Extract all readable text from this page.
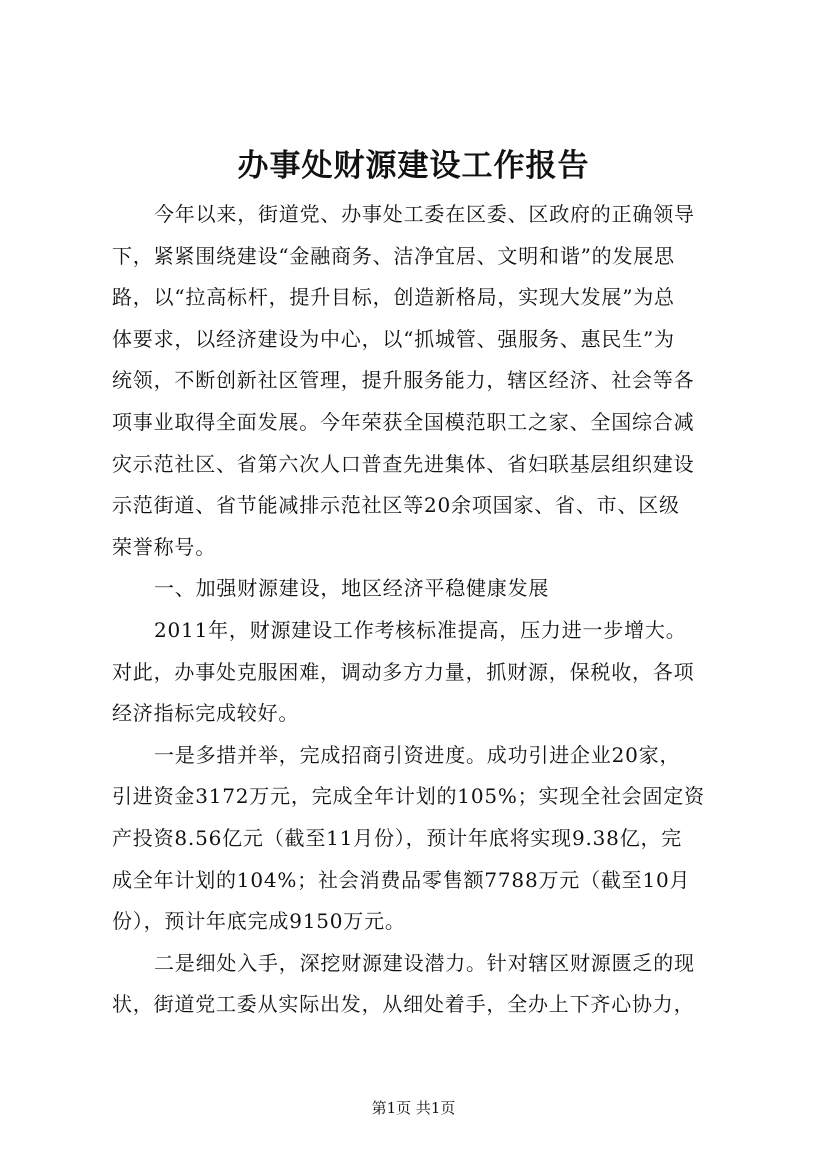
办事处财源建设工作报告
今年以来，街道党、办事处工委在区委、区政府的正确领导
下，紧紧围绕建设“金融商务、洁净宜居、文明和谐”的发展思
路，以“拉高标杆，提升目标，创造新格局，实现大发展”为总
体要求，以经济建设为中心，以“抓城管、强服务、惠民生”为
统领，不断创新社区管理，提升服务能力，辖区经济、社会等各
项事业取得全面发展。今年荣获全国模范职工之家、全国综合减
灾示范社区、省第六次人口普查先进集体、省妇联基层组织建设
示范街道、省节能减排示范社区等20余项国家、省、市、区级
荣誉称号。
一、加强财源建设，地区经济平稳健康发展
2011年，财源建设工作考核标准提高，压力进一步增大。
对此，办事处克服困难，调动多方力量，抓财源，保税收，各项
经济指标完成较好。
一是多措并举，完成招商引资进度。成功引进企业20家，
引进资金3172万元，完成全年计划的105%；实现全社会固定资
产投资8.56亿元（截至11月份），预计年底将实现9.38亿，完
成全年计划的104%；社会消费品零售额7788万元（截至10月
份），预计年底完成9150万元。
二是细处入手，深挖财源建设潜力。针对辖区财源匮乏的现
状，街道党工委从实际出发，从细处着手，全办上下齐心协力，
第1页 共1页
